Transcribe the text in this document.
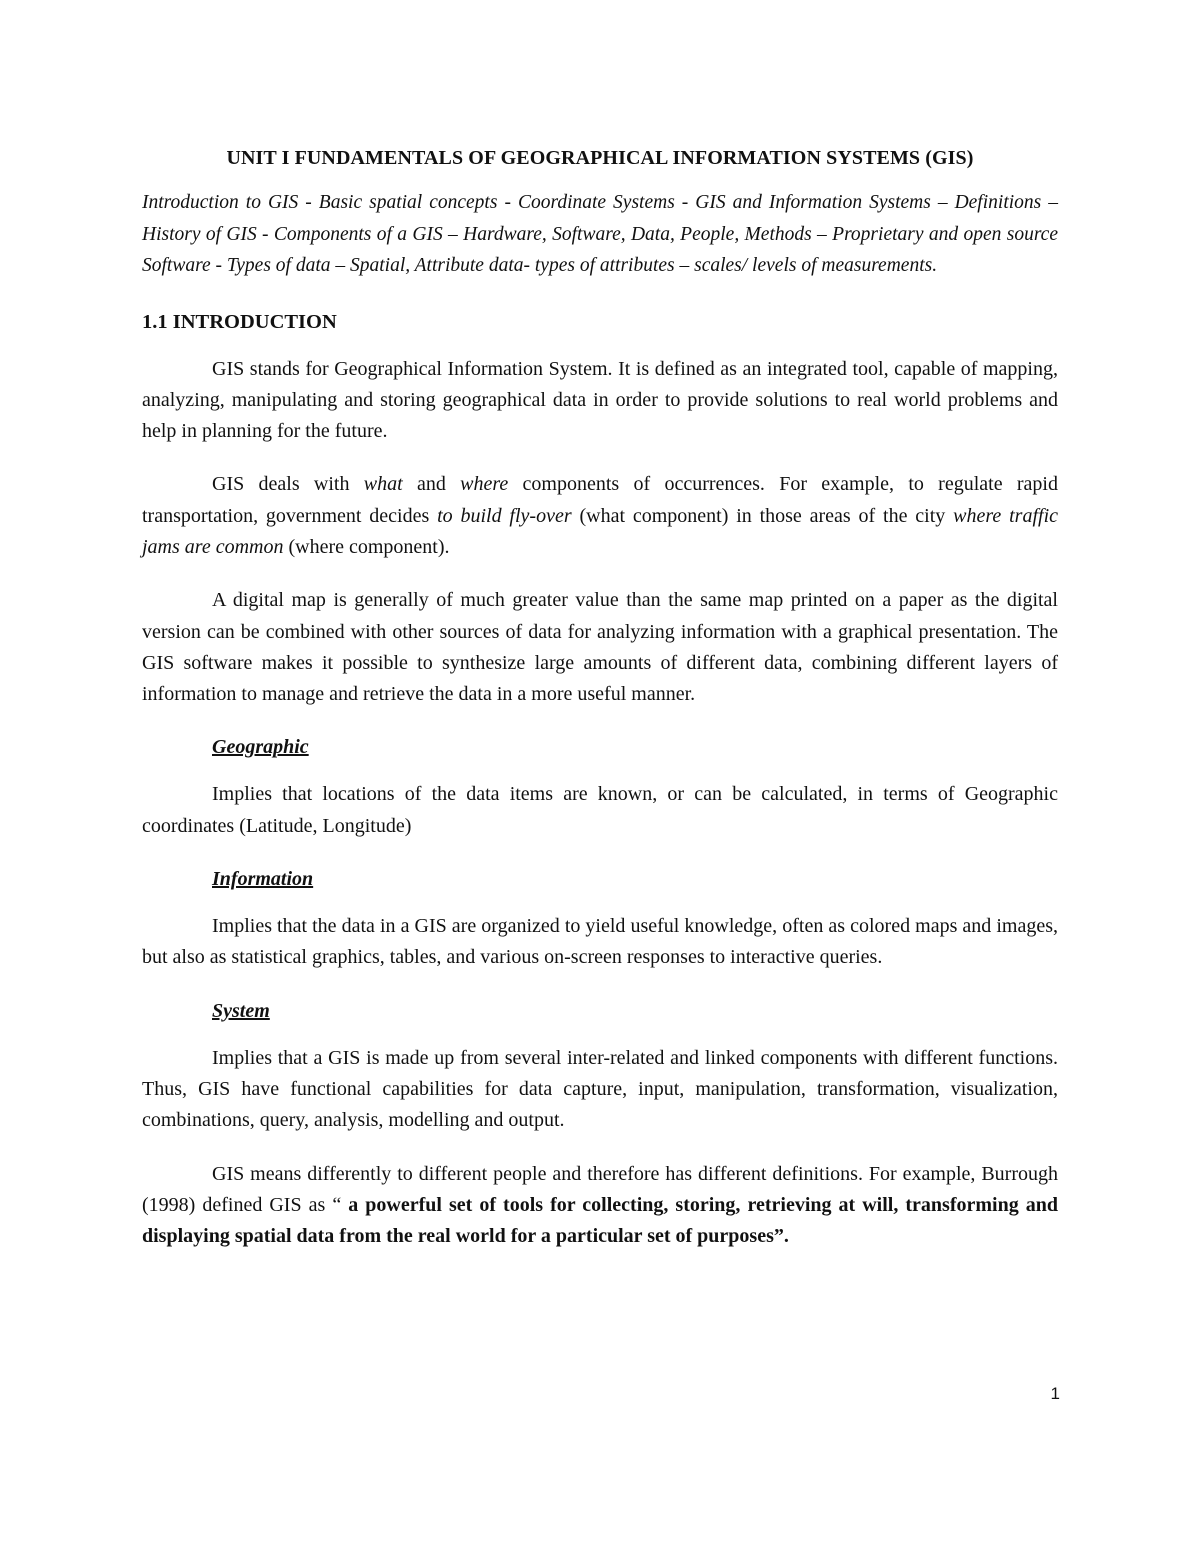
UNIT I FUNDAMENTALS OF GEOGRAPHICAL INFORMATION SYSTEMS (GIS)

Introduction to GIS - Basic spatial concepts - Coordinate Systems - GIS and Information Systems – Definitions – History of GIS - Components of a GIS – Hardware, Software, Data, People, Methods – Proprietary and open source Software - Types of data – Spatial, Attribute data- types of attributes – scales/ levels of measurements.

1.1 INTRODUCTION

GIS stands for Geographical Information System. It is defined as an integrated tool, capable of mapping, analyzing, manipulating and storing geographical data in order to provide solutions to real world problems and help in planning for the future.

GIS deals with what and where components of occurrences. For example, to regulate rapid transportation, government decides to build fly-over (what component) in those areas of the city where traffic jams are common (where component).

A digital map is generally of much greater value than the same map printed on a paper as the digital version can be combined with other sources of data for analyzing information with a graphical presentation. The GIS software makes it possible to synthesize large amounts of different data, combining different layers of information to manage and retrieve the data in a more useful manner.

Geographic

Implies that locations of the data items are known, or can be calculated, in terms of Geographic coordinates (Latitude, Longitude)

Information

Implies that the data in a GIS are organized to yield useful knowledge, often as colored maps and images, but also as statistical graphics, tables, and various on-screen responses to interactive queries.

System

Implies that a GIS is made up from several inter-related and linked components with different functions. Thus, GIS have functional capabilities for data capture, input, manipulation, transformation, visualization, combinations, query, analysis, modelling and output.

GIS means differently to different people and therefore has different definitions. For example, Burrough (1998) defined GIS as “ a powerful set of tools for collecting, storing, retrieving at will, transforming and displaying spatial data from the real world for a particular set of purposes”.

1
